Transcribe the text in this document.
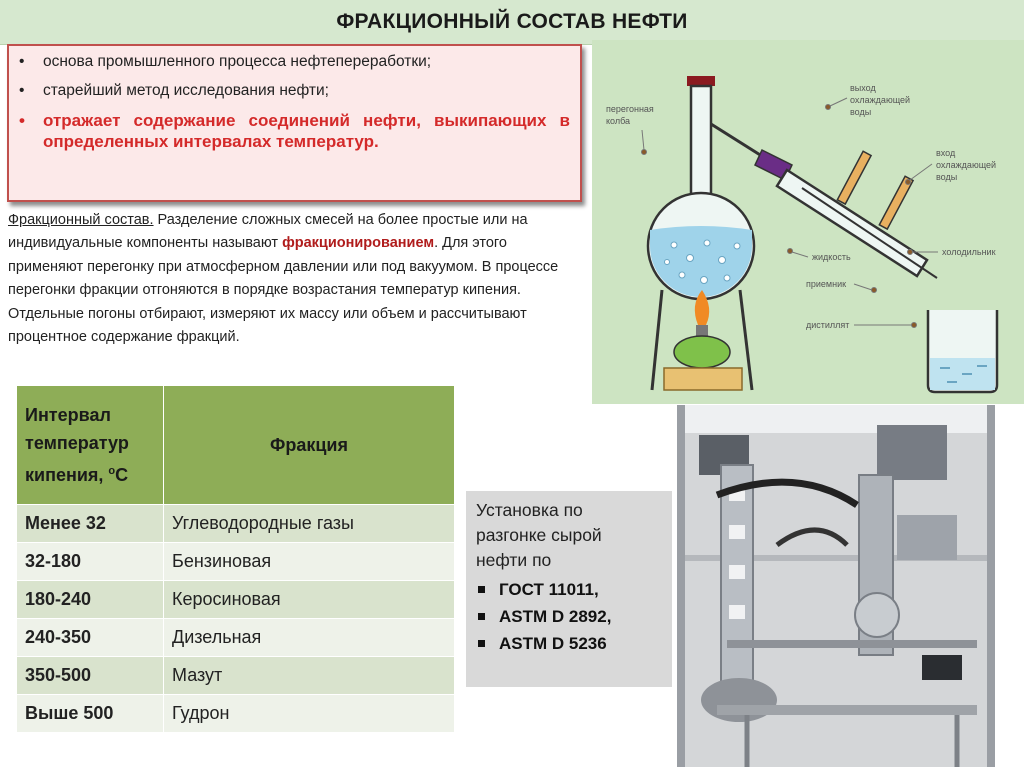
ФРАКЦИОННЫЙ СОСТАВ НЕФТИ
• основа промышленного процесса нефтепереработки;
• старейший метод исследования нефти;
• отражает содержание соединений нефти, выкипающих в определенных интервалах температур.
Фракционный состав. Разделение сложных смесей на более простые или на индивидуальные компоненты называют фракционированием. Для этого применяют перегонку при атмосферном давлении или под вакуумом. В процессе перегонки фракции отгоняются в порядке возрастания температур кипения. Отдельные погоны отбирают, измеряют их массу или объем и рассчитывают процентное содержание фракций.
перегонная
колба
выход
охлаждающей
воды
вход
охлаждающей
воды
жидкость	холодильник
приемник
дистиллят
Интервал
температур
кипения, $^o$С	Фракция
Менее 32	Углеводородные газы
32-180	Бензиновая
180-240	Керосиновая
240-350	Дизельная
350-500	Мазут
Выше 500	Гудрон
Установка по
разгонке сырой
нефти по
ГОСТ 11011,
ASTM D 2892,
ASTM D 5236
